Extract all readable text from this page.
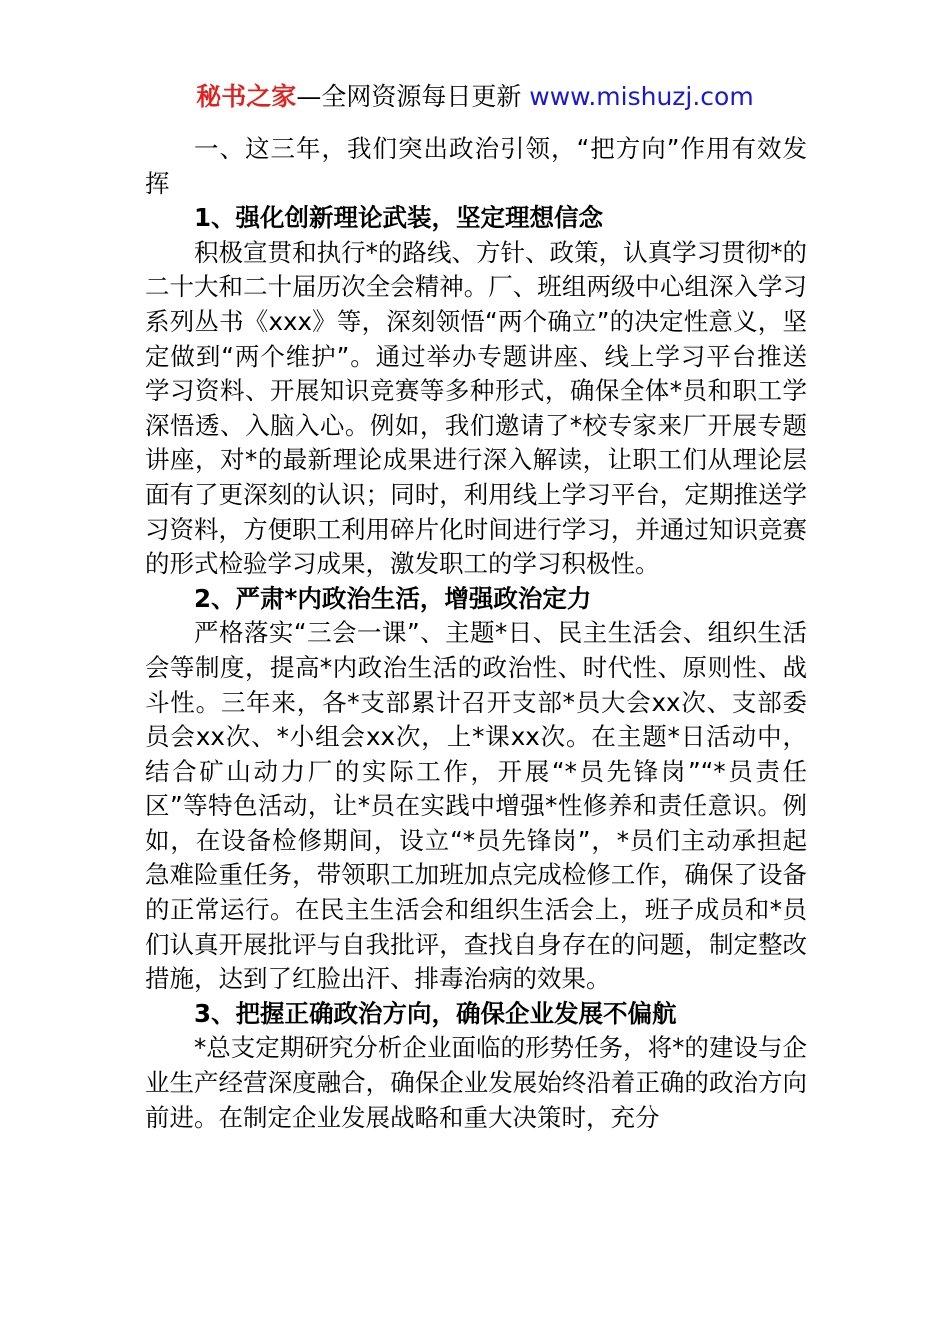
秘书之家—全网资源每日更新 www.mishuzj.com

一、这三年，我们突出政治引领，“把方向”作用有效发挥

1、强化创新理论武装，坚定理想信念

积极宣贯和执行*的路线、方针、政策，认真学习贯彻*的二十大和二十届历次全会精神。厂、班组两级中心组深入学习系列丛书《xxx》等，深刻领悟“两个确立”的决定性意义，坚定做到“两个维护”。通过举办专题讲座、线上学习平台推送学习资料、开展知识竞赛等多种形式，确保全体*员和职工学深悟透、入脑入心。例如，我们邀请了*校专家来厂开展专题讲座，对*的最新理论成果进行深入解读，让职工们从理论层面有了更深刻的认识；同时，利用线上学习平台，定期推送学习资料，方便职工利用碎片化时间进行学习，并通过知识竞赛的形式检验学习成果，激发职工的学习积极性。

2、严肃*内政治生活，增强政治定力

严格落实“三会一课”、主题*日、民主生活会、组织生活会等制度，提高*内政治生活的政治性、时代性、原则性、战斗性。三年来，各*支部累计召开支部*员大会xx次、支部委员会xx次、*小组会xx次，上*课xx次。在主题*日活动中，结合矿山动力厂的实际工作，开展“*员先锋岗”“*员责任区”等特色活动，让*员在实践中增强*性修养和责任意识。例如，在设备检修期间，设立“*员先锋岗”，*员们主动承担起急难险重任务，带领职工加班加点完成检修工作，确保了设备的正常运行。在民主生活会和组织生活会上，班子成员和*员们认真开展批评与自我批评，查找自身存在的问题，制定整改措施，达到了红脸出汗、排毒治病的效果。

3、把握正确政治方向，确保企业发展不偏航

*总支定期研究分析企业面临的形势任务，将*的建设与企业生产经营深度融合，确保企业发展始终沿着正确的政治方向前进。在制定企业发展战略和重大决策时，充分
